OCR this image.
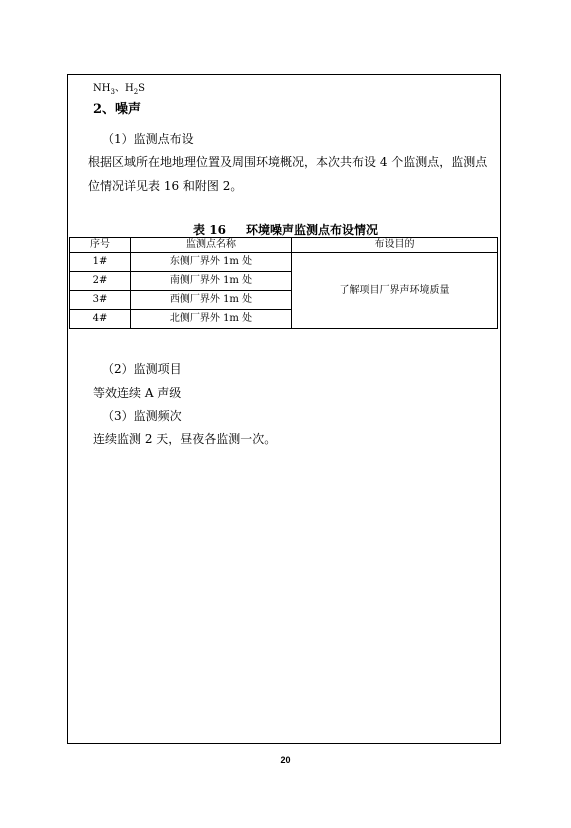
$NH_3$、$H_2S$
2、噪声
（1）监测点布设
根据区域所在地地理位置及周围环境概况，本次共布设 4 个监测点，监测点
位情况详见表 16 和附图 2。
表 16 环境噪声监测点布设情况
序号	监测点名称	布设目的
1#	东侧厂界外 1m 处	了解项目厂界声环境质量
2#	南侧厂界外 1m 处	
3#	西侧厂界外 1m 处	
4#	北侧厂界外 1m 处	
（2）监测项目
等效连续 A 声级
（3）监测频次
连续监测 2 天，昼夜各监测一次。
20
